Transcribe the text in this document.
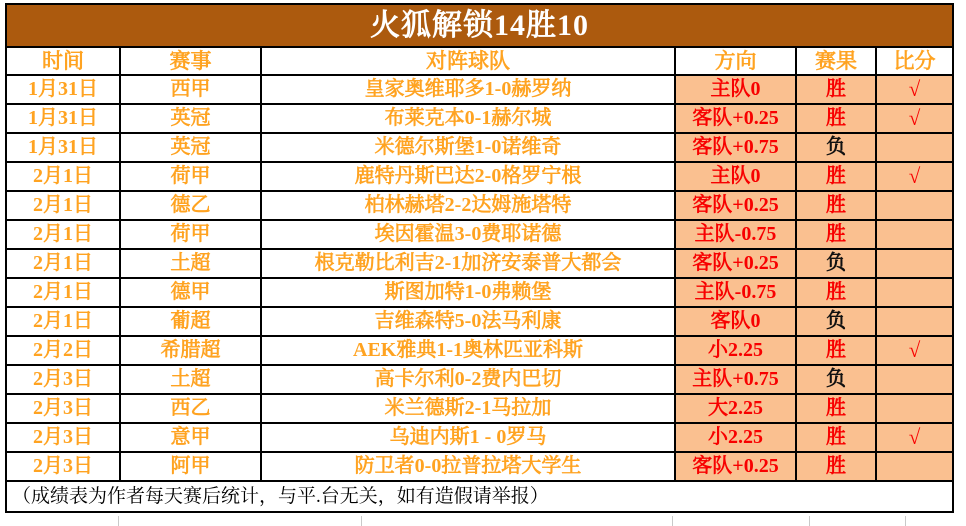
火狐解锁14胜10					
时间	赛事	对阵球队	方向	赛果	比分
1月31日	西甲	皇家奥维耶多1-0赫罗纳	主队0	胜	√
1月31日	英冠	布莱克本0-1赫尔城	客队+0.25	胜	√
1月31日	英冠	米德尔斯堡1-0诺维奇	客队+0.75	负	
2月1日	荷甲	鹿特丹斯巴达2-0格罗宁根	主队0	胜	√
2月1日	德乙	柏林赫塔2-2达姆施塔特	客队+0.25	胜	
2月1日	荷甲	埃因霍温3-0费耶诺德	主队-0.75	胜	
2月1日	土超	根克勒比利吉2-1加济安泰普大都会	客队+0.25	负	
2月1日	德甲	斯图加特1-0弗赖堡	主队-0.75	胜	
2月1日	葡超	吉维森特5-0法马利康	客队0	负	
2月2日	希腊超	AEK雅典1-1奥林匹亚科斯	小2.25	胜	√
2月3日	土超	高卡尔利0-2费内巴切	主队+0.75	负	
2月3日	西乙	米兰德斯2-1马拉加	大2.25	胜	
2月3日	意甲	乌迪内斯1 - 0罗马	小2.25	胜	√
2月3日	阿甲	防卫者0-0拉普拉塔大学生	客队+0.25	胜	
（成绩表为作者每天赛后统计，与平.台无关，如有造假请举报）					
